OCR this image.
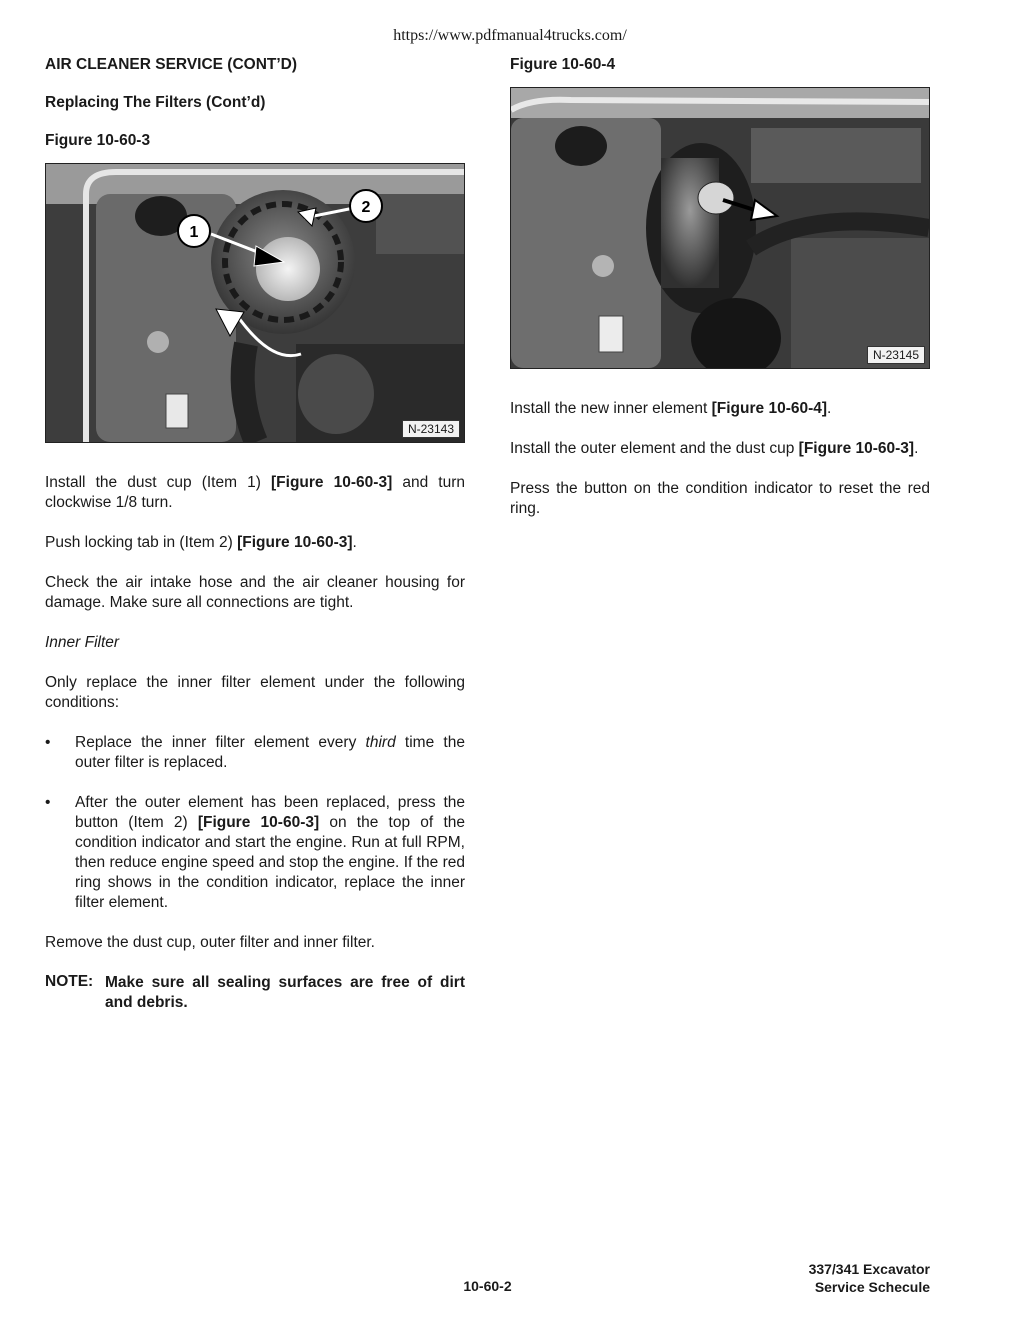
https://www.pdfmanual4trucks.com/

AIR CLEANER SERVICE (CONT’D)

Replacing The Filters (Cont’d)

Figure 10-60-3

1
2
N-23143

Install the dust cup (Item 1) [Figure 10-60-3] and turn clockwise 1/8 turn.

Push locking tab in (Item 2) [Figure 10-60-3].

Check the air intake hose and the air cleaner housing for damage. Make sure all connections are tight.

Inner Filter

Only replace the inner filter element under the following conditions:

• Replace the inner filter element every third time the outer filter is replaced.

• After the outer element has been replaced, press the button (Item 2) [Figure 10-60-3] on the top of the condition indicator and start the engine. Run at full RPM, then reduce engine speed and stop the engine. If the red ring shows in the condition indicator, replace the inner filter element.

Remove the dust cup, outer filter and inner filter.

NOTE: Make sure all sealing surfaces are free of dirt and debris.

Figure 10-60-4

N-23145

Install the new inner element [Figure 10-60-4].

Install the outer element and the dust cup [Figure 10-60-3].

Press the button on the condition indicator to reset the red ring.

10-60-2
337/341 Excavator
Service Schecule
